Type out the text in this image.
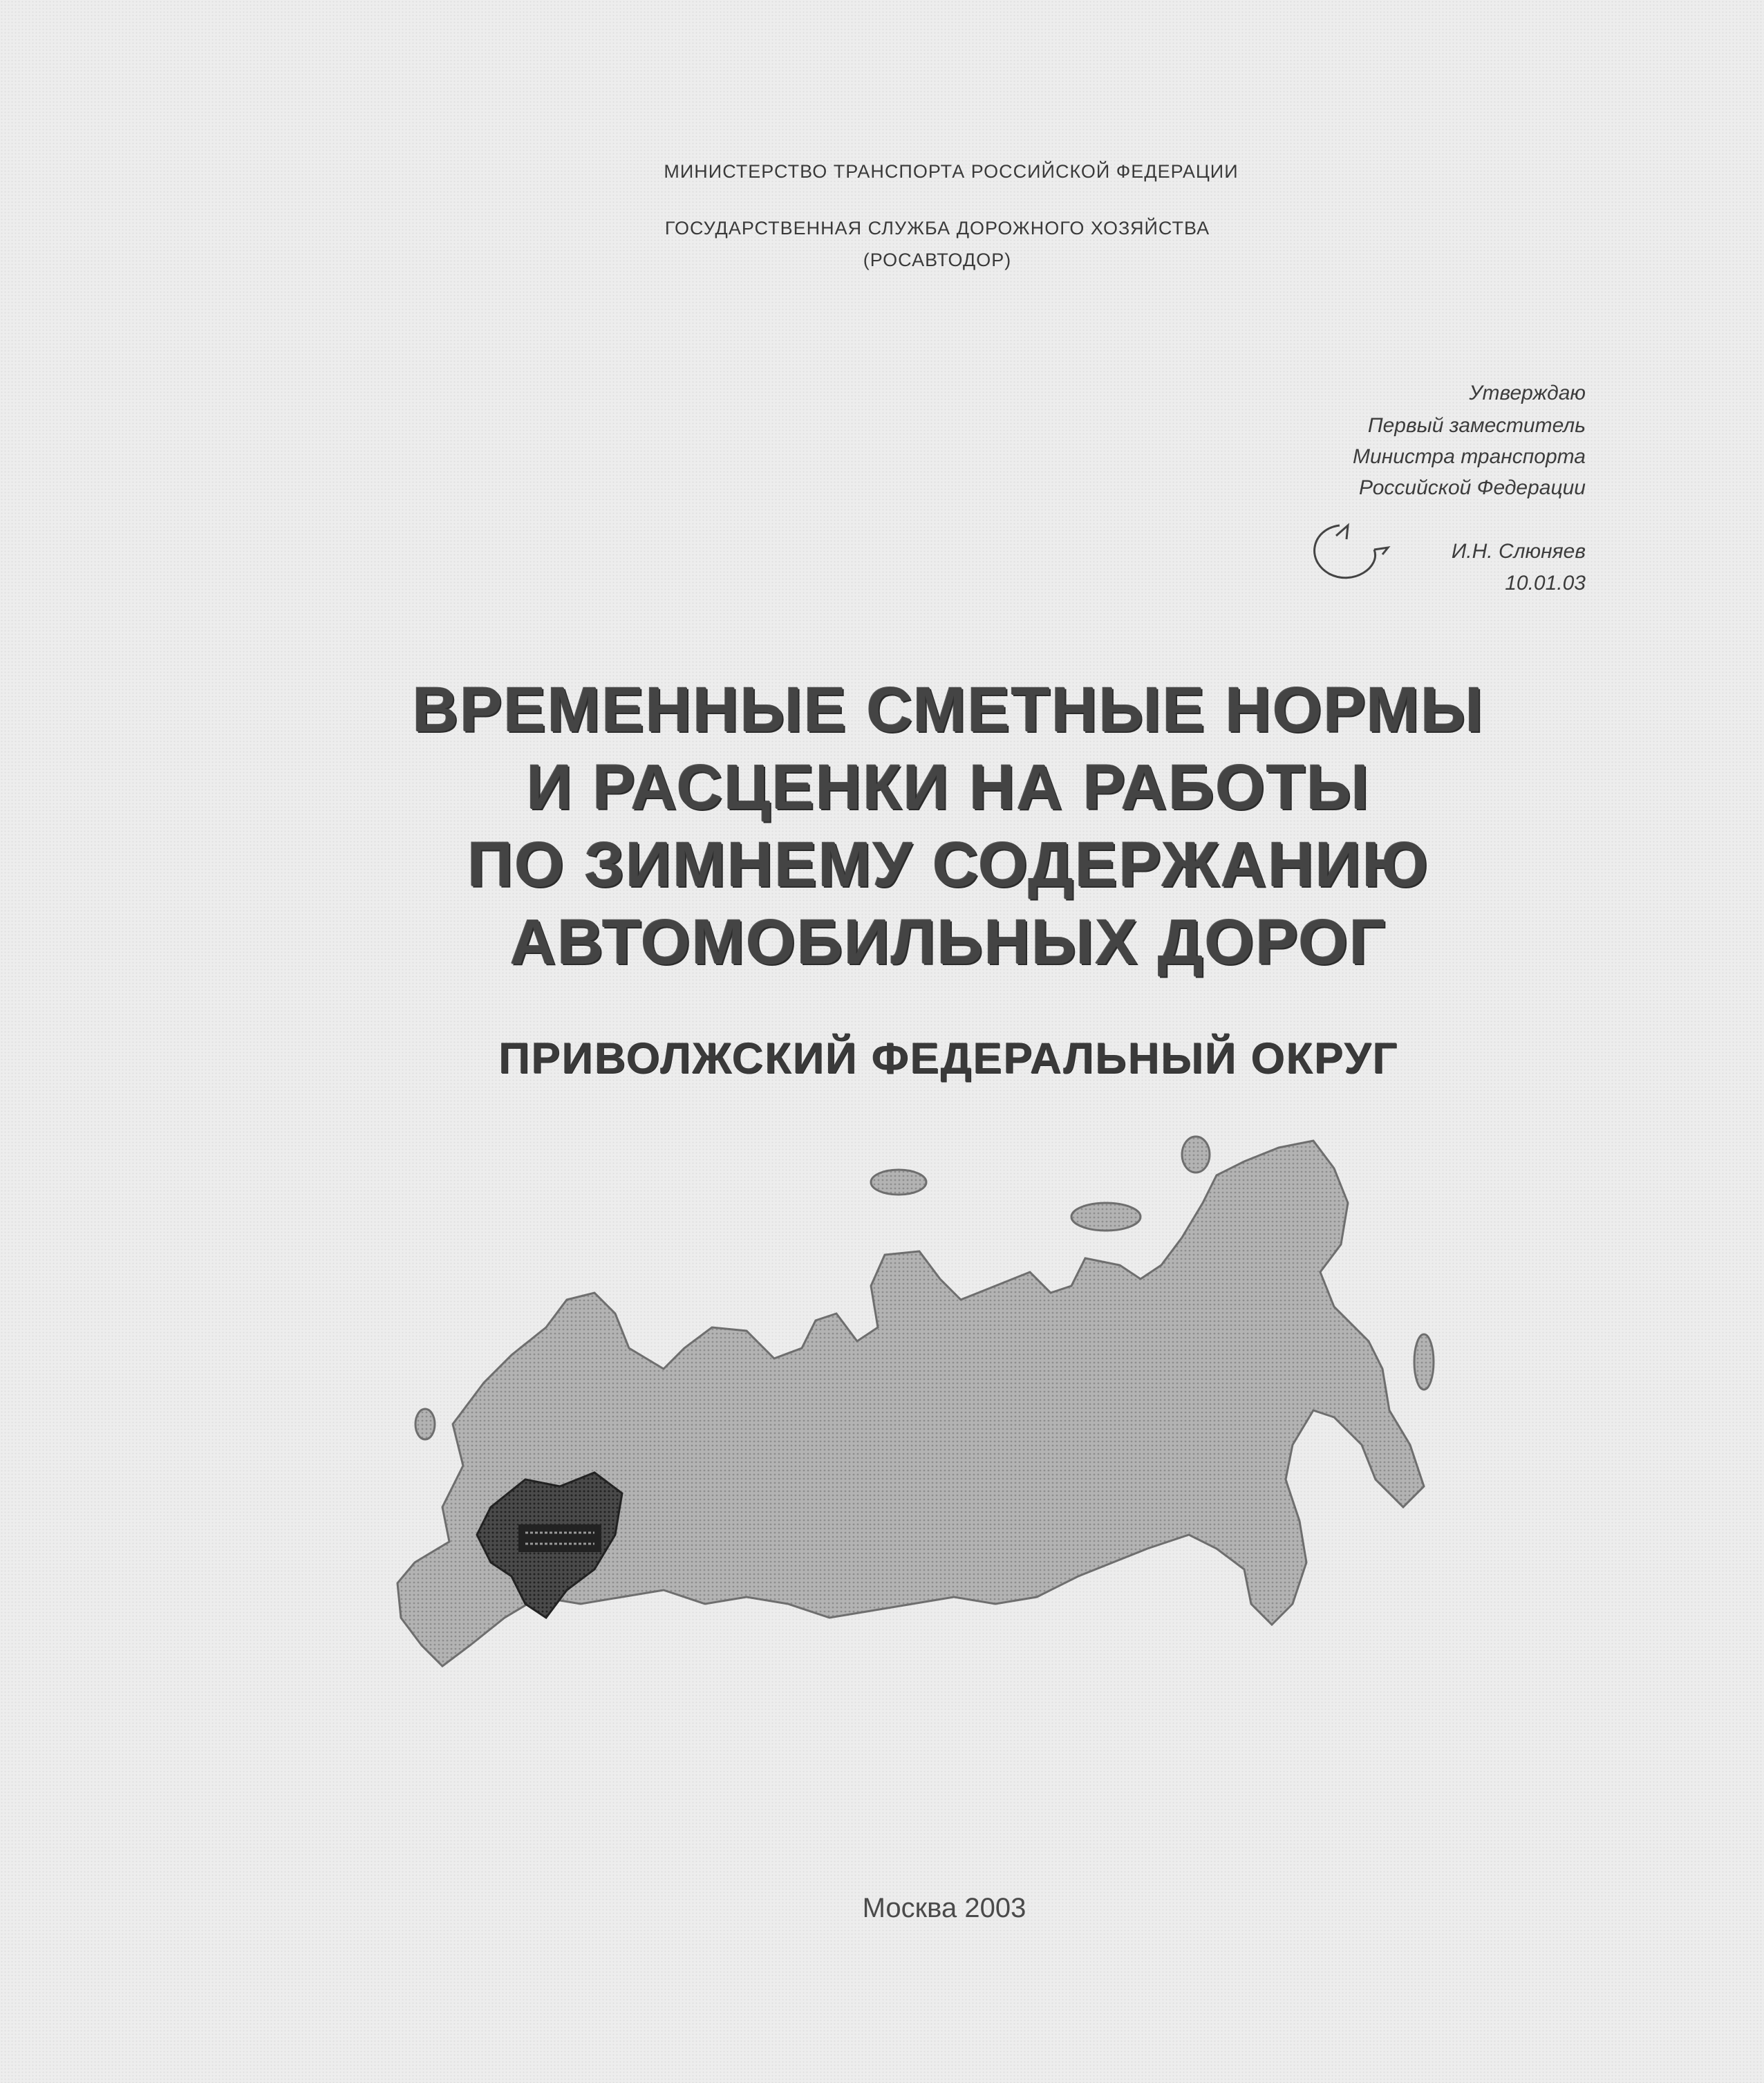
МИНИСТЕРСТВО ТРАНСПОРТА РОССИЙСКОЙ ФЕДЕРАЦИИ
ГОСУДАРСТВЕННАЯ СЛУЖБА ДОРОЖНОГО ХОЗЯЙСТВА
(РОСАВТОДОР)
Утверждаю
Первый заместитель
Министра транспорта
Российской Федерации
И.Н. Слюняев
10.01.03
ВРЕМЕННЫЕ СМЕТНЫЕ НОРМЫ
И РАСЦЕНКИ НА РАБОТЫ
ПО ЗИМНЕМУ СОДЕРЖАНИЮ
АВТОМОБИЛЬНЫХ ДОРОГ
ПРИВОЛЖСКИЙ ФЕДЕРАЛЬНЫЙ ОКРУГ
Москва 2003
